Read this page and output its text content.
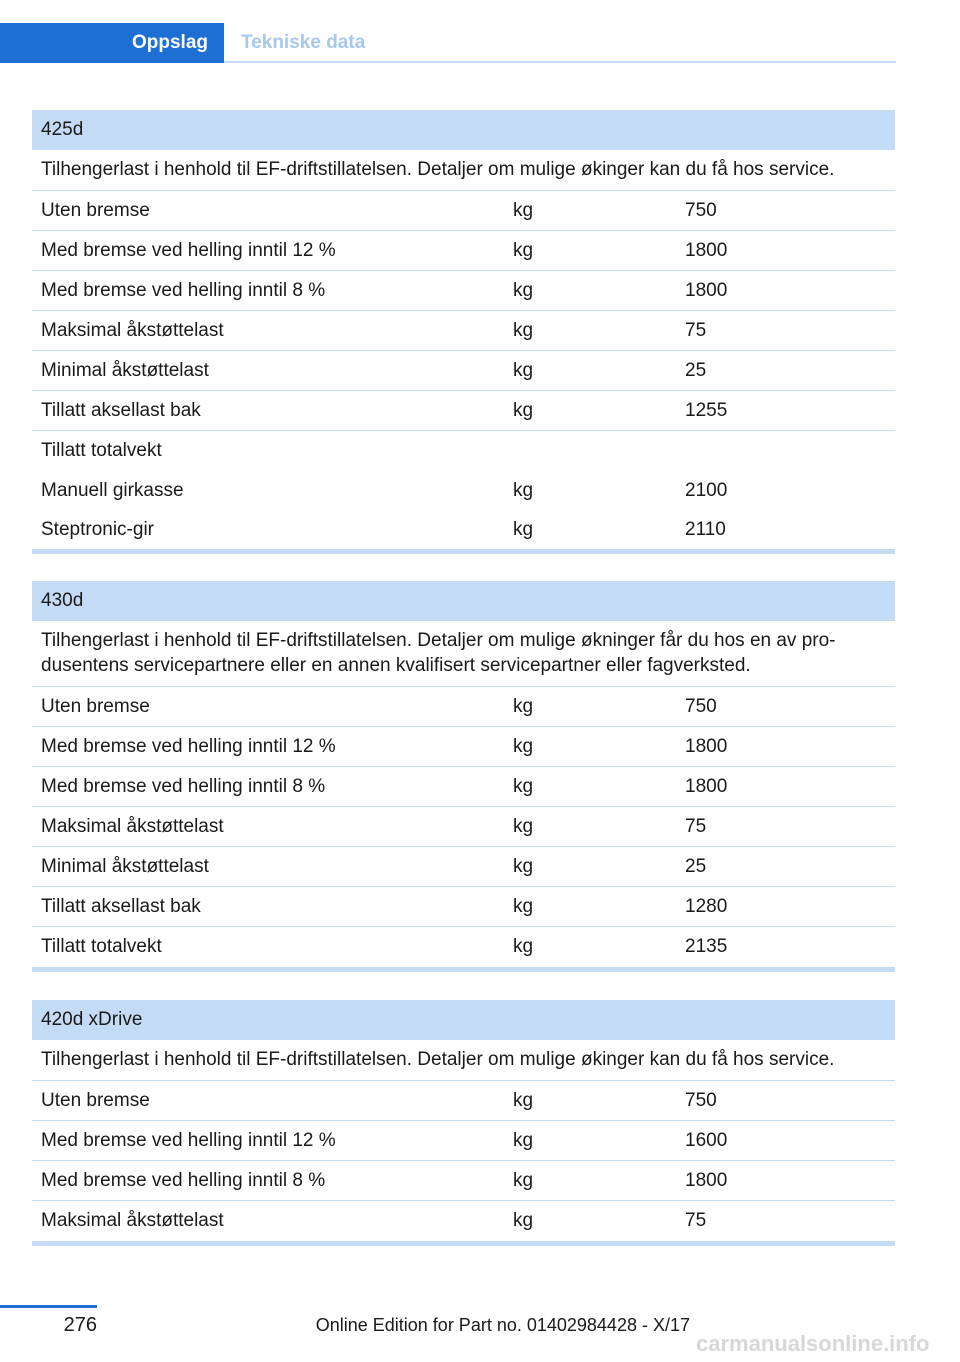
Oppslag	Tekniske data
425d
Tilhengerlast i henhold til EF-driftstillatelsen. Detaljer om mulige økinger kan du få hos service.
Uten bremse	kg	750
Med bremse ved helling inntil 12 %	kg	1800
Med bremse ved helling inntil 8 %	kg	1800
Maksimal åkstøttelast	kg	75
Minimal åkstøttelast	kg	25
Tillatt aksellast bak	kg	1255
Tillatt totalvekt
Manuell girkasse	kg	2100
Steptronic-gir	kg	2110
430d
Tilhengerlast i henhold til EF-driftstillatelsen. Detaljer om mulige økninger får du hos en av pro-
dusentens servicepartnere eller en annen kvalifisert servicepartner eller fagverksted.
Uten bremse	kg	750
Med bremse ved helling inntil 12 %	kg	1800
Med bremse ved helling inntil 8 %	kg	1800
Maksimal åkstøttelast	kg	75
Minimal åkstøttelast	kg	25
Tillatt aksellast bak	kg	1280
Tillatt totalvekt	kg	2135
420d xDrive
Tilhengerlast i henhold til EF-driftstillatelsen. Detaljer om mulige økinger kan du få hos service.
Uten bremse	kg	750
Med bremse ved helling inntil 12 %	kg	1600
Med bremse ved helling inntil 8 %	kg	1800
Maksimal åkstøttelast	kg	75
276	Online Edition for Part no. 01402984428 - X/17
carmanualsonline.info
